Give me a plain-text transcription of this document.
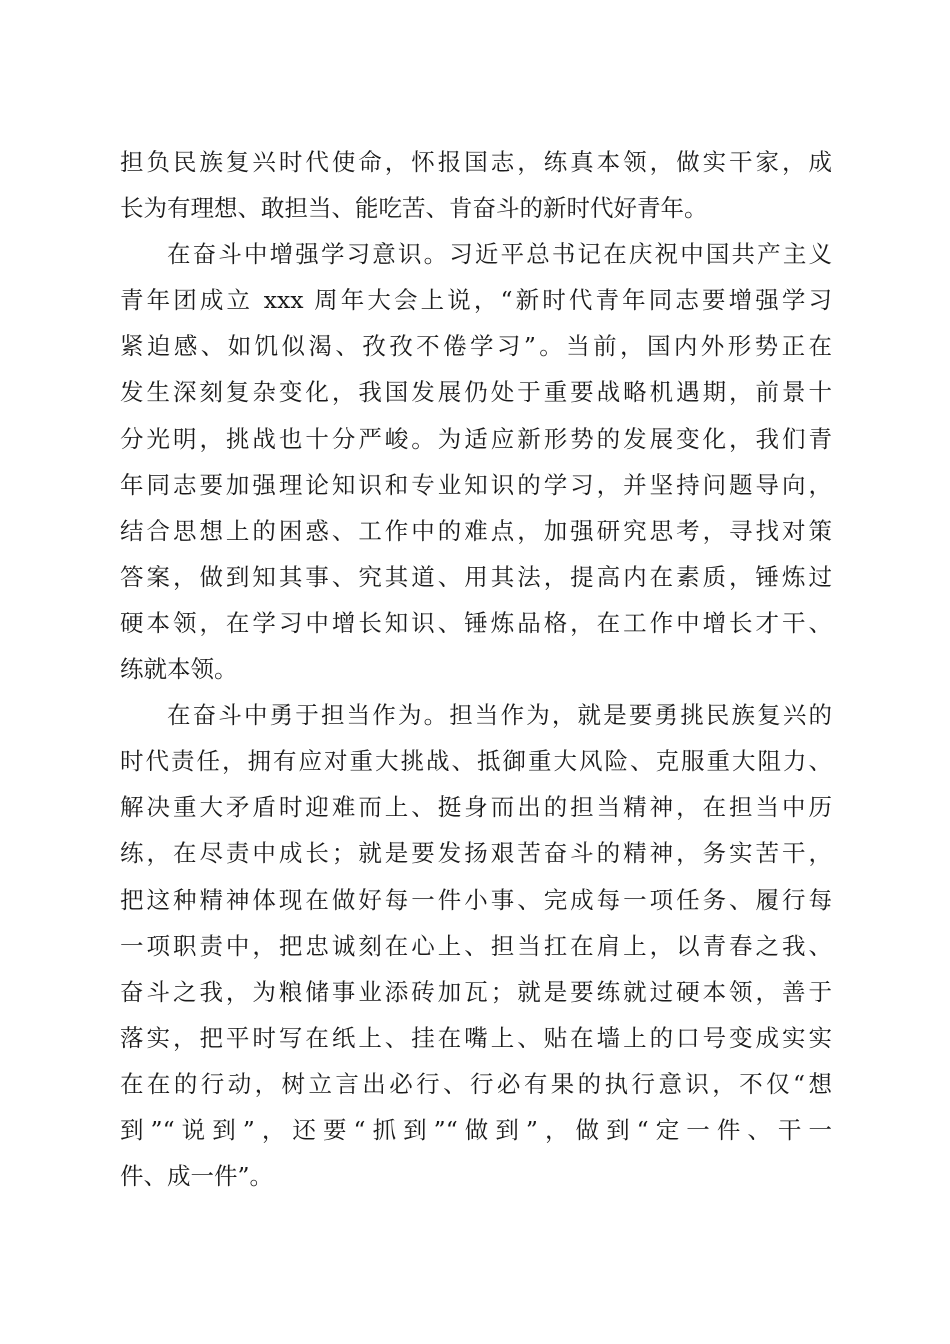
担负民族复兴时代使命，怀报国志，练真本领，做实干家，成
长为有理想、敢担当、能吃苦、肯奋斗的新时代好青年。

在奋斗中增强学习意识。习近平总书记在庆祝中国共产主义
青年团成立 xxx 周年大会上说，“新时代青年同志要增强学习
紧迫感、如饥似渴、孜孜不倦学习”。当前，国内外形势正在
发生深刻复杂变化，我国发展仍处于重要战略机遇期，前景十
分光明，挑战也十分严峻。为适应新形势的发展变化，我们青
年同志要加强理论知识和专业知识的学习，并坚持问题导向，
结合思想上的困惑、工作中的难点，加强研究思考，寻找对策
答案，做到知其事、究其道、用其法，提高内在素质，锤炼过
硬本领，在学习中增长知识、锤炼品格，在工作中增长才干、
练就本领。

在奋斗中勇于担当作为。担当作为，就是要勇挑民族复兴的
时代责任，拥有应对重大挑战、抵御重大风险、克服重大阻力、
解决重大矛盾时迎难而上、挺身而出的担当精神，在担当中历
练，在尽责中成长；就是要发扬艰苦奋斗的精神，务实苦干，
把这种精神体现在做好每一件小事、完成每一项任务、履行每
一项职责中，把忠诚刻在心上、担当扛在肩上，以青春之我、
奋斗之我，为粮储事业添砖加瓦；就是要练就过硬本领，善于
落实，把平时写在纸上、挂在嘴上、贴在墙上的口号变成实实
在在的行动，树立言出必行、行必有果的执行意识，不仅“想
到”“说到”，还要“抓到”“做到”，做到“定一件、干一
件、成一件”。
